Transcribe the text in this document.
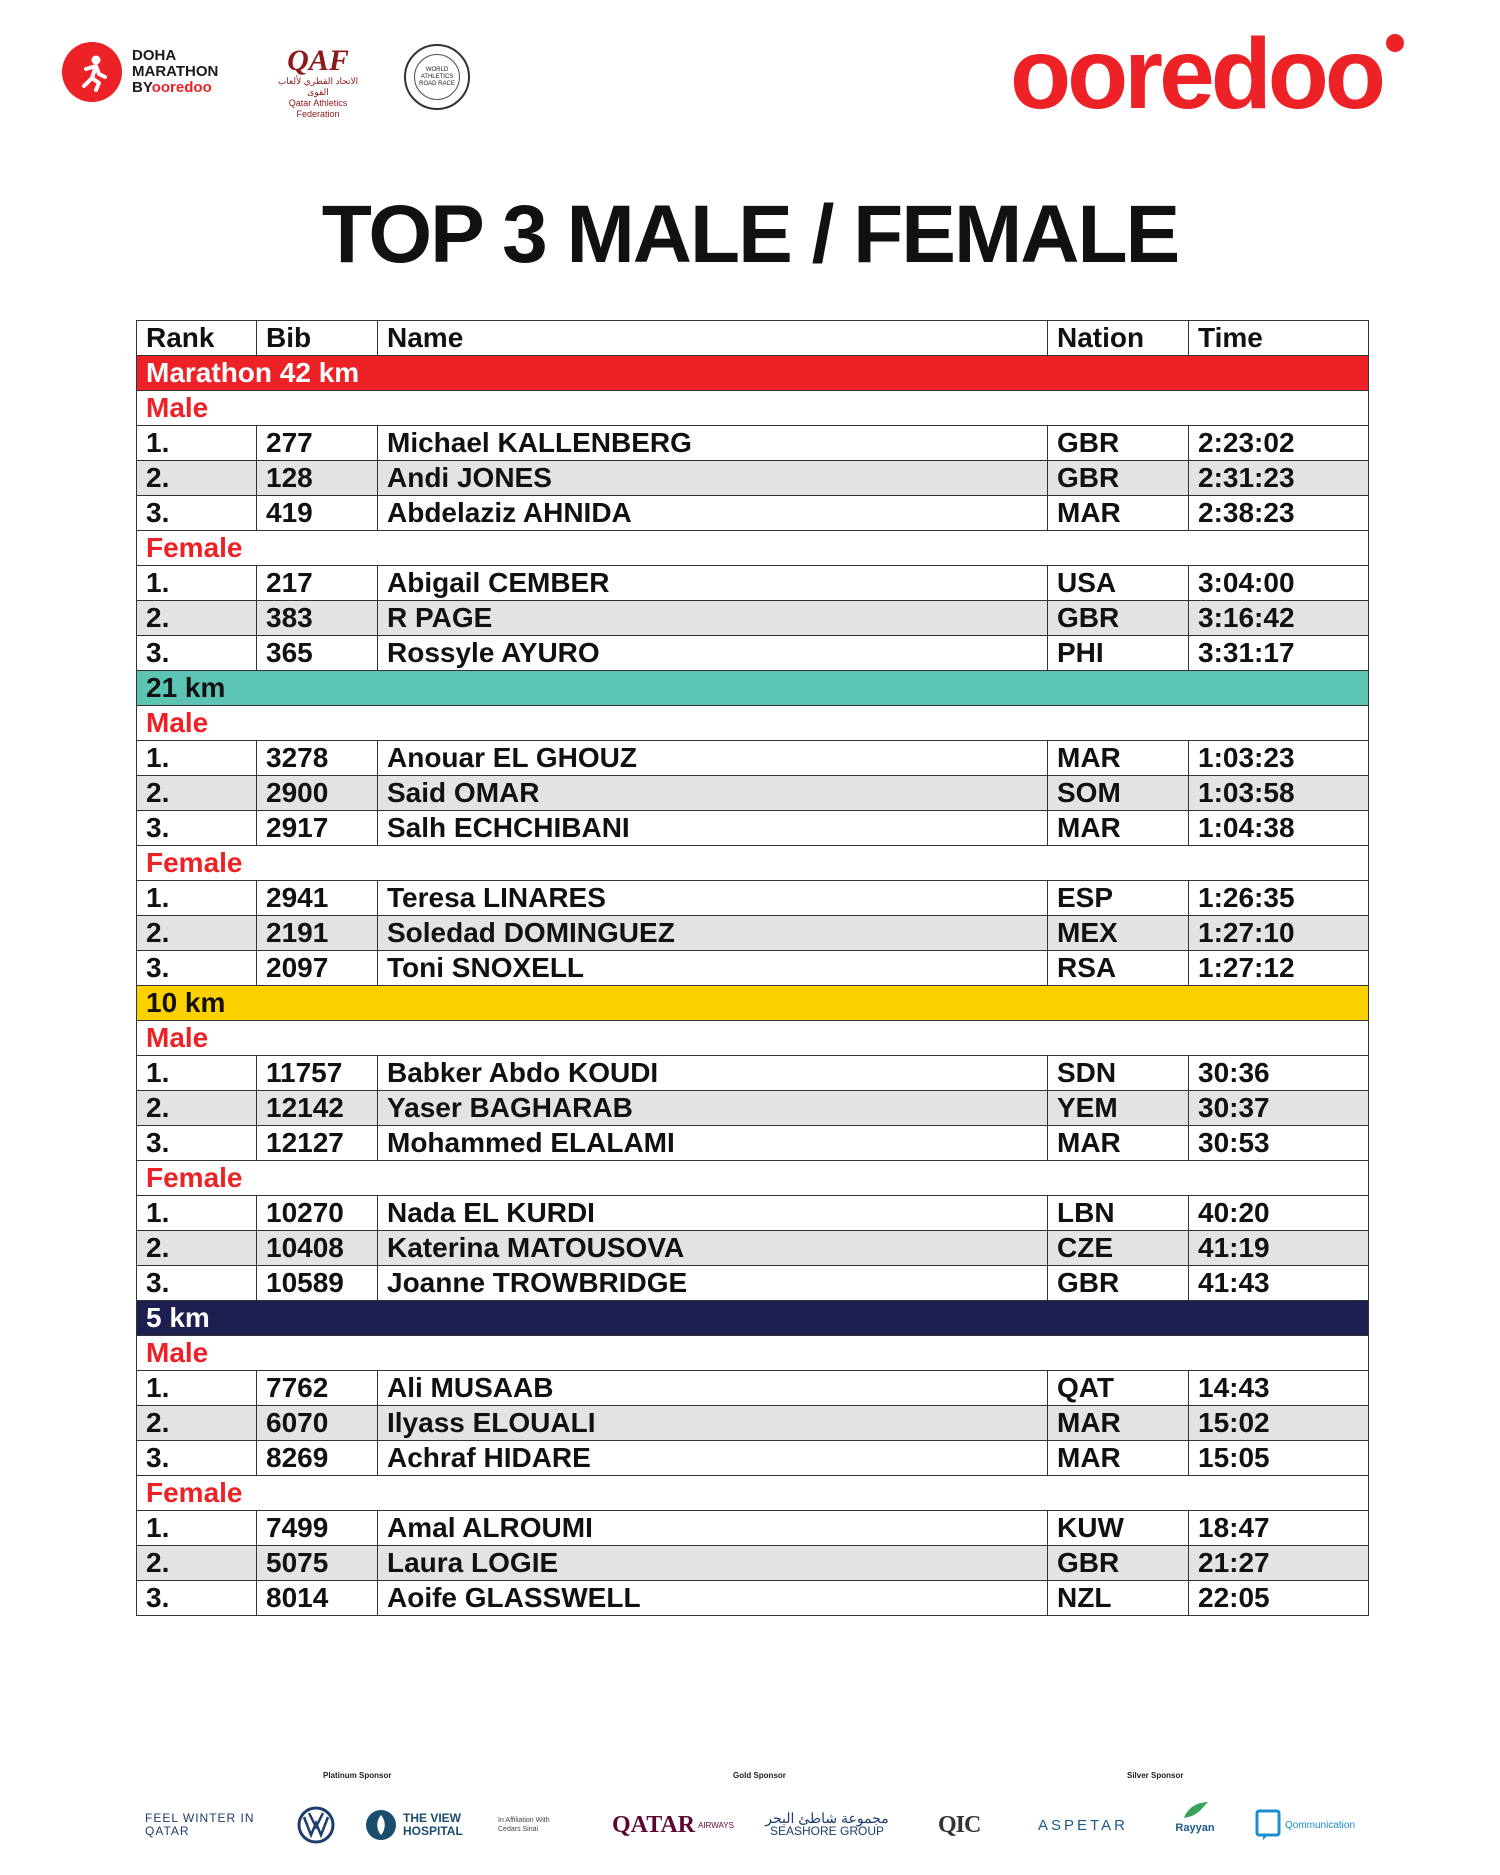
DOHA
MARATHON
BYooredoo
QAF
الاتحاد القطري لألعاب القوى
Qatar Athletics Federation
WORLD ATHLETICS ROAD RACE	ooredoo
TOP 3 MALE / FEMALE
Rank	Bib	Name	Nation	Time
Marathon 42 km				
Male				
1.	277	Michael KALLENBERG	GBR	2:23:02
2.	128	Andi JONES	GBR	2:31:23
3.	419	Abdelaziz AHNIDA	MAR	2:38:23
Female				
1.	217	Abigail CEMBER	USA	3:04:00
2.	383	R PAGE	GBR	3:16:42
3.	365	Rossyle AYURO	PHI	3:31:17
21 km				
Male				
1.	3278	Anouar EL GHOUZ	MAR	1:03:23
2.	2900	Said OMAR	SOM	1:03:58
3.	2917	Salh ECHCHIBANI	MAR	1:04:38
Female				
1.	2941	Teresa LINARES	ESP	1:26:35
2.	2191	Soledad DOMINGUEZ	MEX	1:27:10
3.	2097	Toni SNOXELL	RSA	1:27:12
10 km				
Male				
1.	11757	Babker Abdo KOUDI	SDN	30:36
2.	12142	Yaser BAGHARAB	YEM	30:37
3.	12127	Mohammed ELALAMI	MAR	30:53
Female				
1.	10270	Nada EL KURDI	LBN	40:20
2.	10408	Katerina MATOUSOVA	CZE	41:19
3.	10589	Joanne TROWBRIDGE	GBR	41:43
5 km				
Male				
1.	7762	Ali MUSAAB	QAT	14:43
2.	6070	Ilyass ELOUALI	MAR	15:02
3.	8269	Achraf HIDARE	MAR	15:05
Female				
1.	7499	Amal ALROUMI	KUW	18:47
2.	5075	Laura LOGIE	GBR	21:27
3.	8014	Aoife GLASSWELL	NZL	22:05
Platinum Sponsor	Gold Sponsor	Silver Sponsor
FEEL WINTER IN QATAR
THE VIEW HOSPITAL
In Affiliation With Cedars Sinai	QATAR AIRWAYS مجموعة شاطئ البحر
SEASHORE GROUP QIC	ASPETAR	Rayyan	Qommunication
